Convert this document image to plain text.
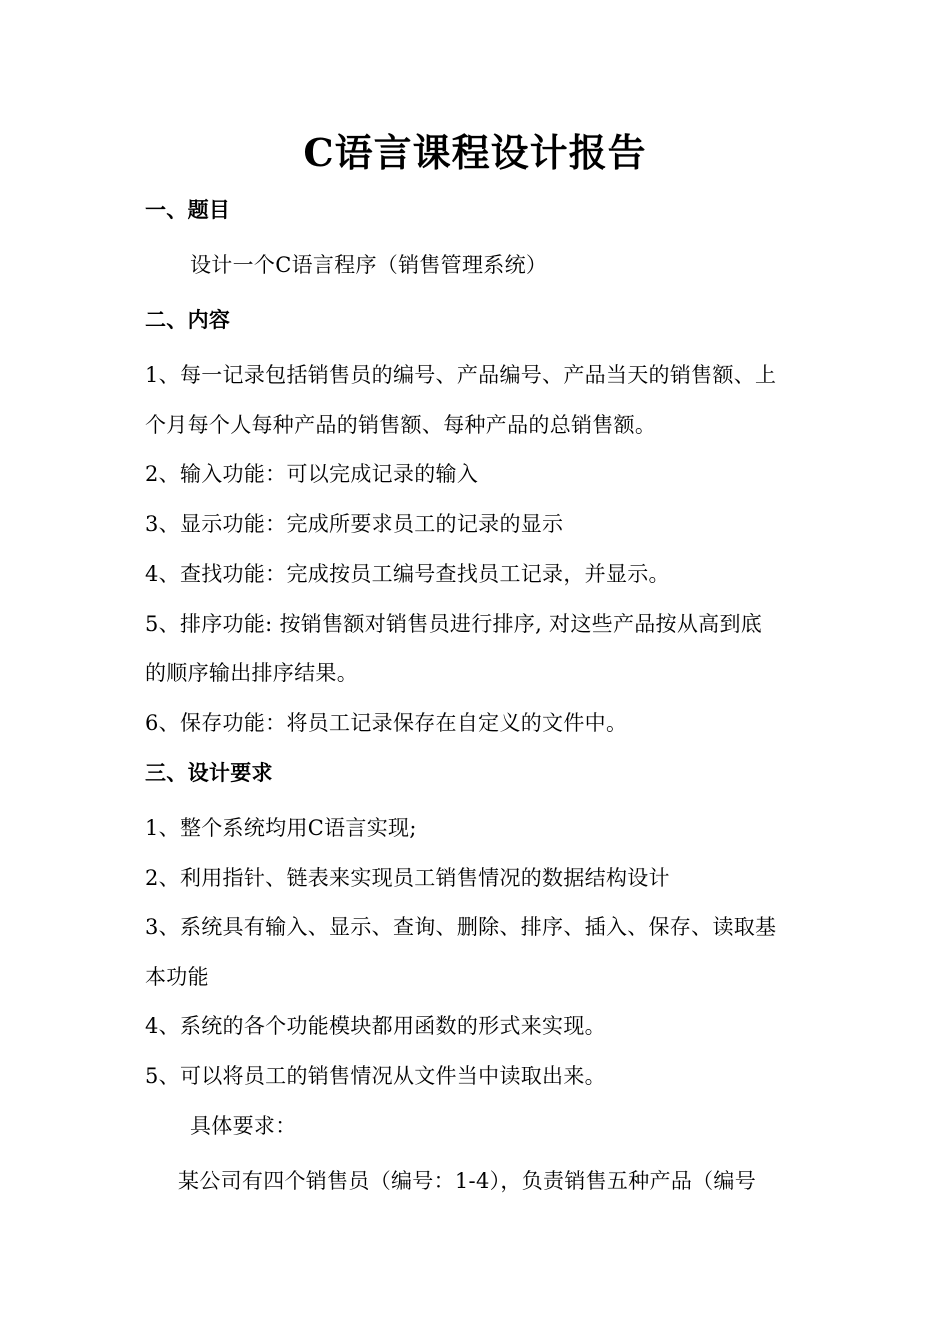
C语言课程设计报告
一、题目
设计一个C语言程序（销售管理系统）
二、内容
1、每一记录包括销售员的编号、产品编号、产品当天的销售额、上
个月每个人每种产品的销售额、每种产品的总销售额。
2、输入功能：可以完成记录的输入
3、显示功能：完成所要求员工的记录的显示
4、查找功能：完成按员工编号查找员工记录，并显示。
5、排序功能: 按销售额对销售员进行排序, 对这些产品按从高到底
的顺序输出排序结果。
6、保存功能：将员工记录保存在自定义的文件中。
三、设计要求
1、整个系统均用C语言实现;
2、利用指针、链表来实现员工销售情况的数据结构设计
3、系统具有输入、显示、查询、删除、排序、插入、保存、读取基
本功能
4、系统的各个功能模块都用函数的形式来实现。
5、可以将员工的销售情况从文件当中读取出来。
具体要求：
某公司有四个销售员（编号：1-4），负责销售五种产品（编号
